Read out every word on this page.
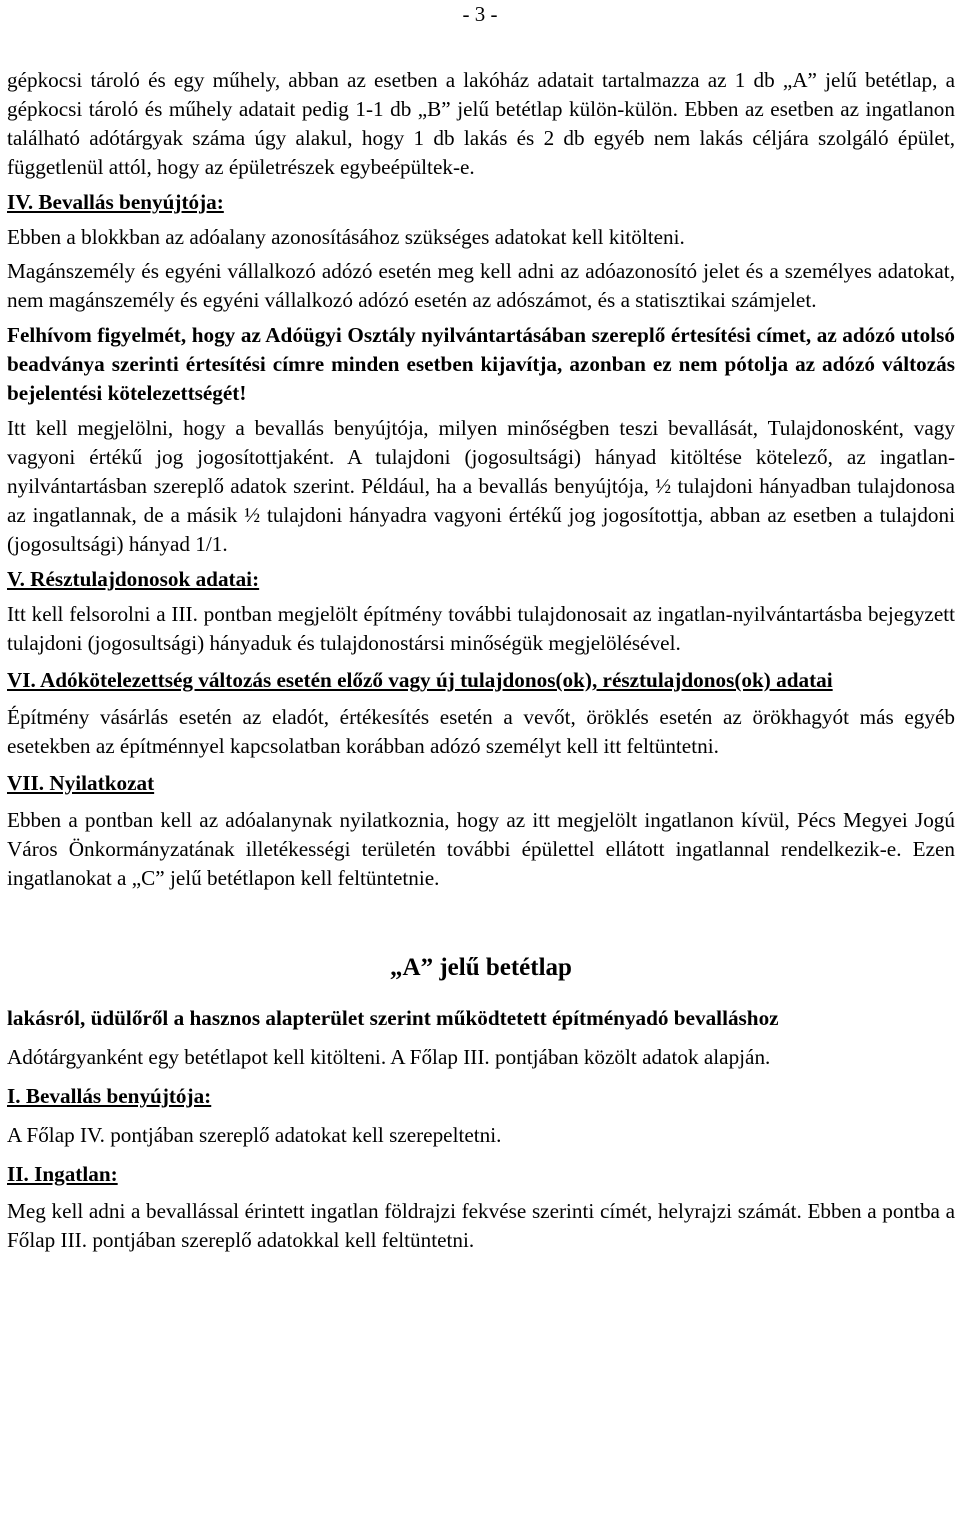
- 3 -

gépkocsi tároló és egy műhely, abban az esetben a lakóház adatait tartalmazza az 1 db „A” jelű betétlap, a gépkocsi tároló és műhely adatait pedig 1-1 db „B” jelű betétlap külön-külön. Ebben az esetben az ingatlanon található adótárgyak száma úgy alakul, hogy 1 db lakás és 2 db egyéb nem lakás céljára szolgáló épület, függetlenül attól, hogy az épületrészek egybeépültek-e.

IV. Bevallás benyújtója:

Ebben a blokkban az adóalany azonosításához szükséges adatokat kell kitölteni.

Magánszemély és egyéni vállalkozó adózó esetén meg kell adni az adóazonosító jelet és a személyes adatokat, nem magánszemély és egyéni vállalkozó adózó esetén az adószámot, és a statisztikai számjelet.

Felhívom figyelmét, hogy az Adóügyi Osztály nyilvántartásában szereplő értesítési címet, az adózó utolsó beadványa szerinti értesítési címre minden esetben kijavítja, azonban ez nem pótolja az adózó változás bejelentési kötelezettségét!

Itt kell megjelölni, hogy a bevallás benyújtója, milyen minőségben teszi bevallását, Tulajdonosként, vagy vagyoni értékű jog jogosítottjaként. A tulajdoni (jogosultsági) hányad kitöltése kötelező, az ingatlan-nyilvántartásban szereplő adatok szerint. Például, ha a bevallás benyújtója, ½ tulajdoni hányadban tulajdonosa az ingatlannak, de a másik ½ tulajdoni hányadra vagyoni értékű jog jogosítottja, abban az esetben a tulajdoni (jogosultsági) hányad 1/1.

V. Résztulajdonosok adatai:

Itt kell felsorolni a III. pontban megjelölt építmény további tulajdonosait az ingatlan-nyilvántartásba bejegyzett tulajdoni (jogosultsági) hányaduk és tulajdonostársi minőségük megjelölésével.

VI. Adókötelezettség változás esetén előző vagy új tulajdonos(ok), résztulajdonos(ok) adatai

Építmény vásárlás esetén az eladót, értékesítés esetén a vevőt, öröklés esetén az örökhagyót más egyéb esetekben az építménnyel kapcsolatban korábban adózó személyt kell itt feltüntetni.

VII. Nyilatkozat

Ebben a pontban kell az adóalanynak nyilatkoznia, hogy az itt megjelölt ingatlanon kívül, Pécs Megyei Jogú Város Önkormányzatának illetékességi területén további épülettel ellátott ingatlannal rendelkezik-e. Ezen ingatlanokat a „C” jelű betétlapon kell feltüntetnie.

„A” jelű betétlap

lakásról, üdülőről a hasznos alapterület szerint működtetett építményadó bevalláshoz

Adótárgyanként egy betétlapot kell kitölteni. A Főlap III. pontjában közölt adatok alapján.

I. Bevallás benyújtója:

A Főlap IV. pontjában szereplő adatokat kell szerepeltetni.

II. Ingatlan:

Meg kell adni a bevallással érintett ingatlan földrajzi fekvése szerinti címét, helyrajzi számát. Ebben a pontba a Főlap III. pontjában szereplő adatokkal kell feltüntetni.
